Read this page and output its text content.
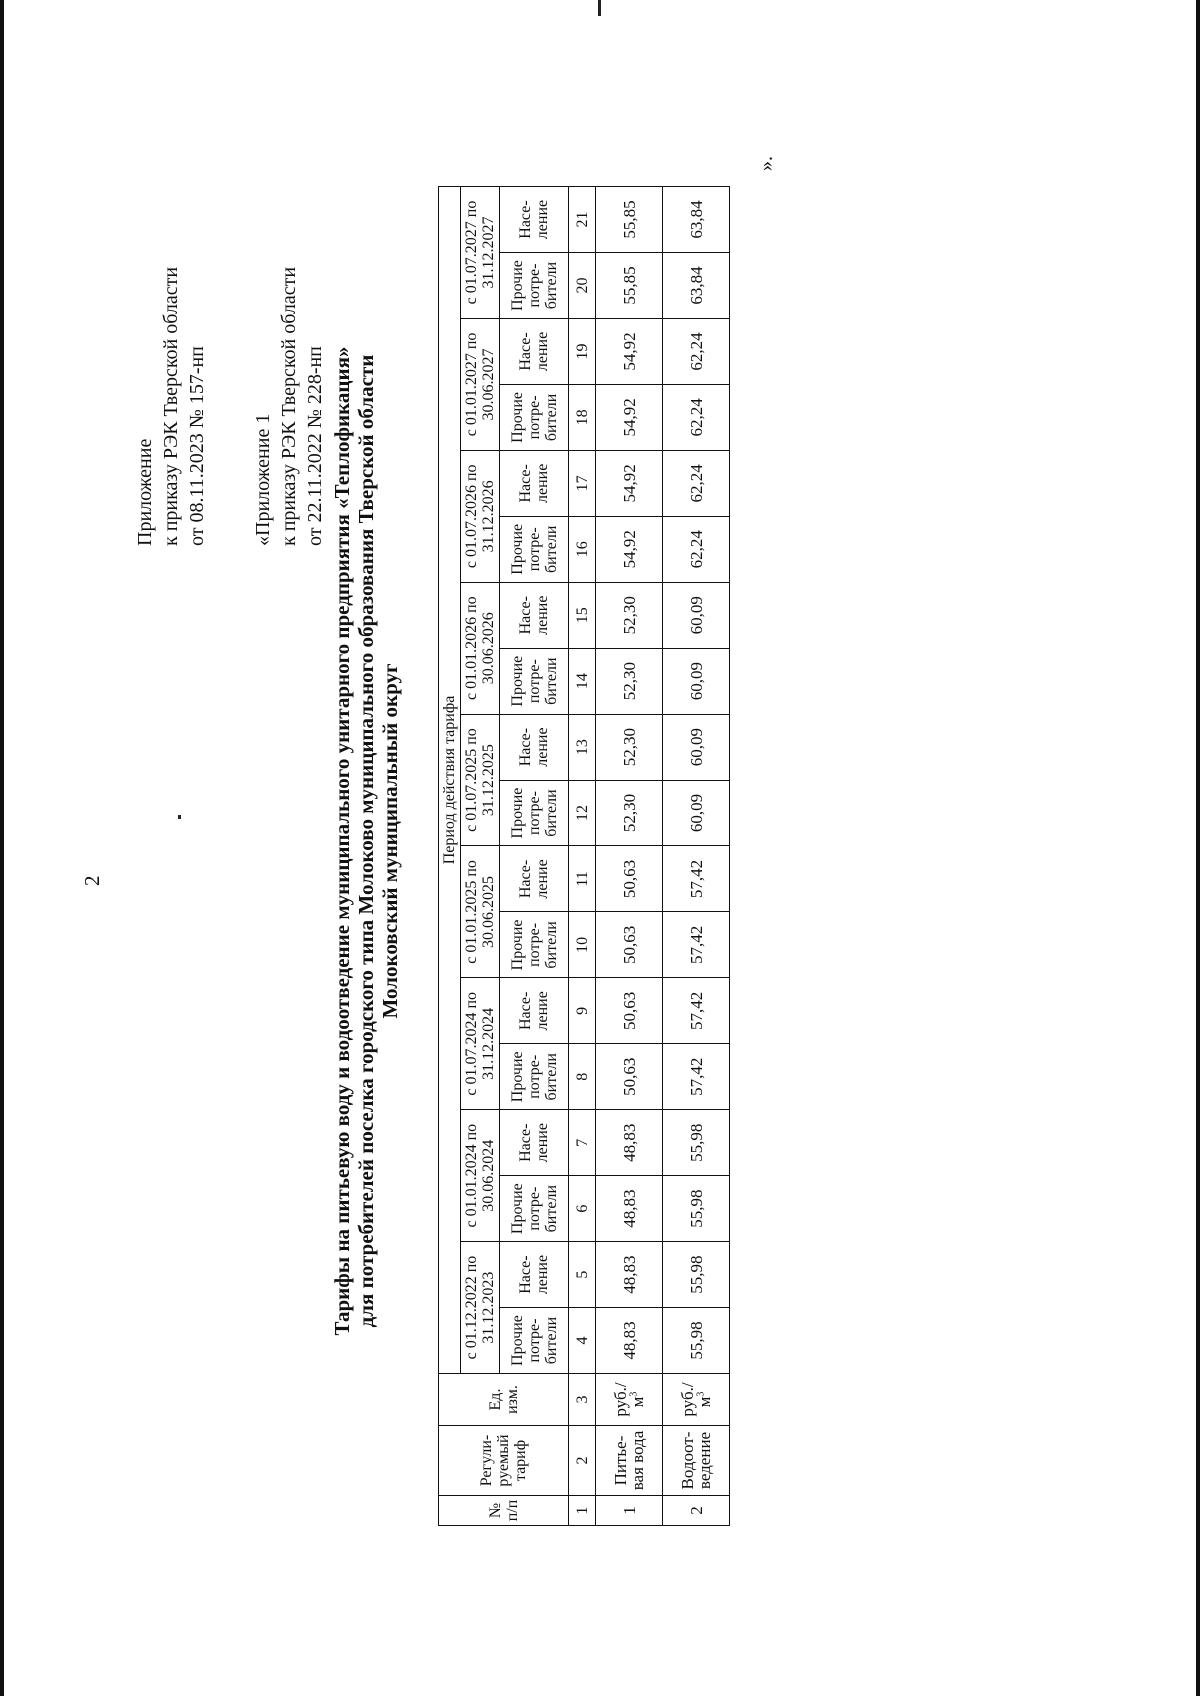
2
Приложение к приказу РЭК Тверской области от 08.11.2023 № 157-нп «Приложение 1 к приказу РЭК Тверской области от 22.11.2022 № 228-нп Тарифы на питьевую воду и водоотведение муниципального унитарного предприятия «Теплофикация» для потребителей поселка городского типа Молоково муниципального образования Тверской области Молоковский муниципальный округ
№ п/п	Регули-руемый тариф	Ед. изм.	Период действия тарифа																	
			с 01.12.2022 по 31.12.2023		с 01.01.2024 по 30.06.2024		с 01.07.2024 по 31.12.2024		с 01.01.2025 по 30.06.2025		с 01.07.2025 по 31.12.2025		с 01.01.2026 по 30.06.2026		с 01.07.2026 по 31.12.2026		с 01.01.2027 по 30.06.2027		с 01.07.2027 по 31.12.2027	
			Прочие потре-бители	Насе-ление	Прочие потре-бители	Насе-ление	Прочие потре-бители	Насе-ление	Прочие потре-бители	Насе-ление	Прочие потре-бители	Насе-ление	Прочие потре-бители	Насе-ление	Прочие потре-бители	Насе-ление	Прочие потре-бители	Насе-ление	Прочие потре-бители	Насе-ление
1	2	3	4	5	6	7	8	9	10	11	12	13	14	15	16	17	18	19	20	21
1	Питье-вая вода	$руб./м^3$	48,83	48,83	48,83	48,83	50,63	50,63	50,63	50,63	52,30	52,30	52,30	52,30	54,92	54,92	54,92	54,92	55,85	55,85
2	Водоот-ведение	$руб./м^3$	55,98	55,98	55,98	55,98	57,42	57,42	57,42	57,42	60,09	60,09	60,09	60,09	62,24	62,24	62,24	62,24	63,84	63,84
».
